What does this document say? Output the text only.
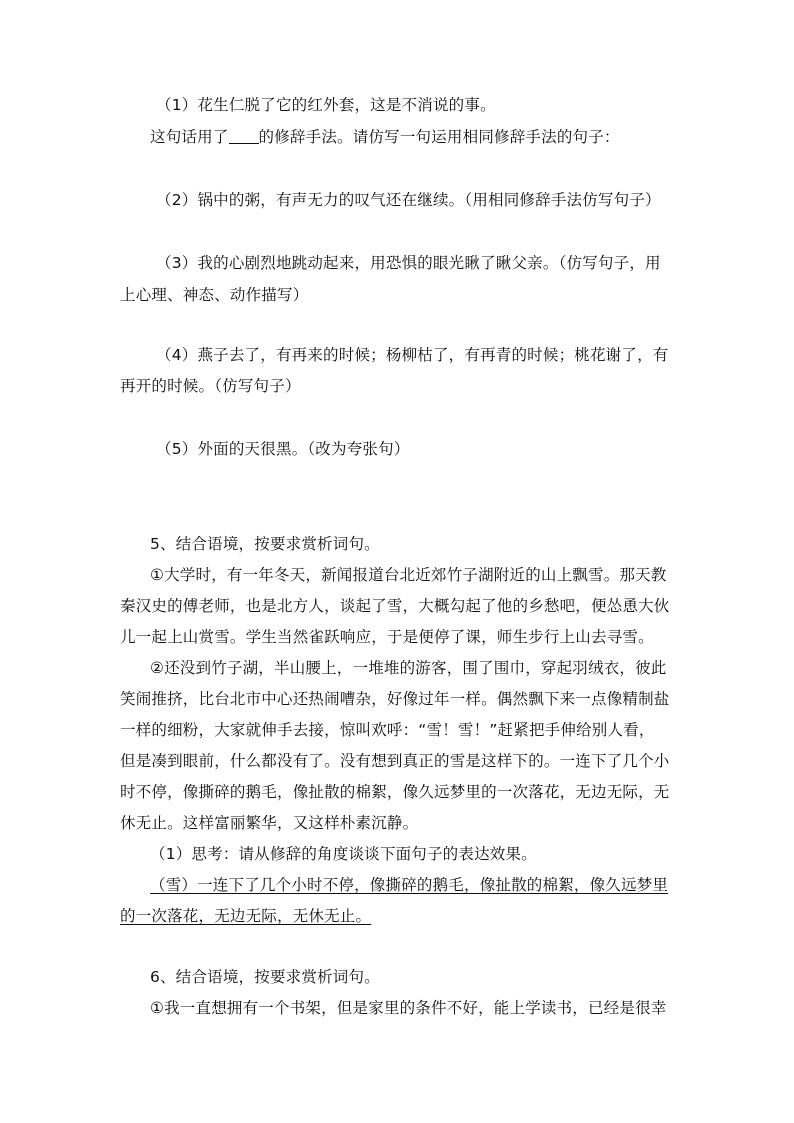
（1）花生仁脱了它的红外套，这是不消说的事。
这句话用了 的修辞手法。请仿写一句运用相同修辞手法的句子：
（2）锅中的粥，有声无力的叹气还在继续。（用相同修辞手法仿写句子）
（3）我的心剧烈地跳动起来，用恐惧的眼光瞅了瞅父亲。（仿写句子，用
上心理、神态、动作描写）
（4）燕子去了，有再来的时候；杨柳枯了，有再青的时候；桃花谢了，有
再开的时候。（仿写句子）
（5）外面的天很黑。（改为夸张句）
5、结合语境，按要求赏析词句。
①大学时，有一年冬天，新闻报道台北近郊竹子湖附近的山上飘雪。那天教
秦汉史的傅老师，也是北方人，谈起了雪，大概勾起了他的乡愁吧，便怂恿大伙
儿一起上山赏雪。学生当然雀跃响应，于是便停了课，师生步行上山去寻雪。
②还没到竹子湖，半山腰上，一堆堆的游客，围了围巾，穿起羽绒衣，彼此
笑闹推挤，比台北市中心还热闹嘈杂，好像过年一样。偶然飘下来一点像精制盐
一样的细粉，大家就伸手去接，惊叫欢呼：“雪！雪！”赶紧把手伸给别人看，
但是凑到眼前，什么都没有了。没有想到真正的雪是这样下的。一连下了几个小
时不停，像撕碎的鹅毛，像扯散的棉絮，像久远梦里的一次落花，无边无际，无
休无止。这样富丽繁华，又这样朴素沉静。
（1）思考：请从修辞的角度谈谈下面句子的表达效果。
（雪）一连下了几个小时不停，像撕碎的鹅毛，像扯散的棉絮，像久远梦里
的一次落花，无边无际，无休无止。
6、结合语境，按要求赏析词句。
①我一直想拥有一个书架，但是家里的条件不好，能上学读书，已经是很幸
